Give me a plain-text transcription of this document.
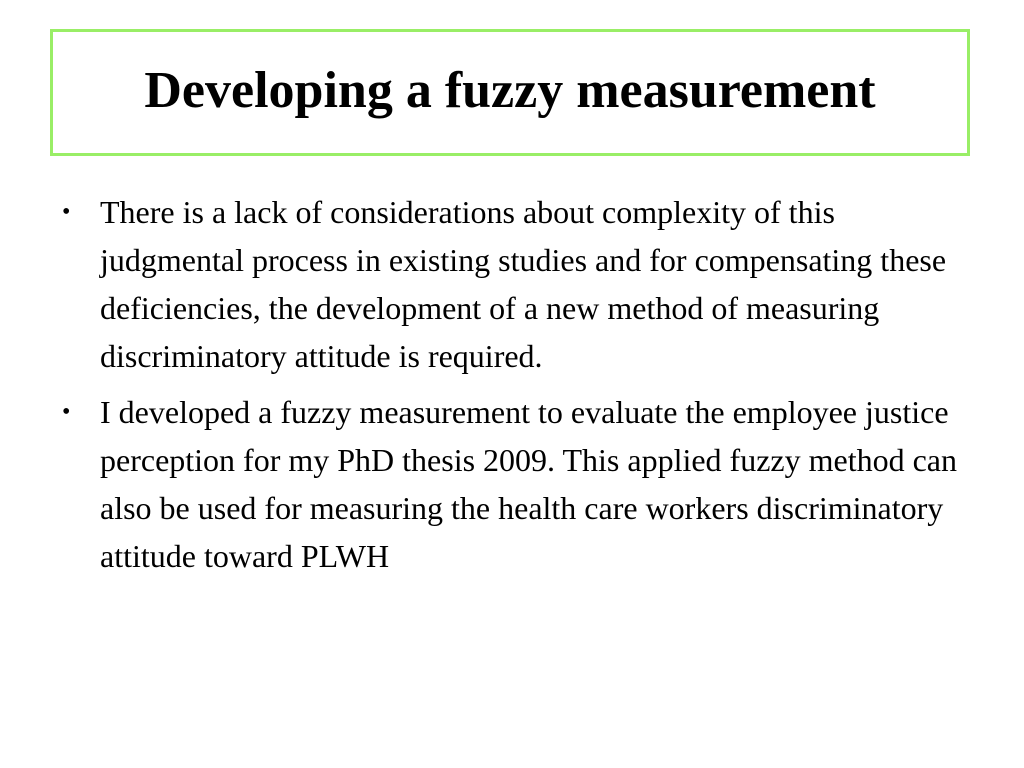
Developing a fuzzy measurement
• There is a lack of considerations about complexity of this judgmental process in existing studies and for compensating these deficiencies, the development of a new method of measuring discriminatory attitude is required.
• I developed a fuzzy measurement to evaluate the employee justice perception for my PhD thesis 2009. This applied fuzzy method can also be used for measuring the health care workers discriminatory attitude toward PLWH
